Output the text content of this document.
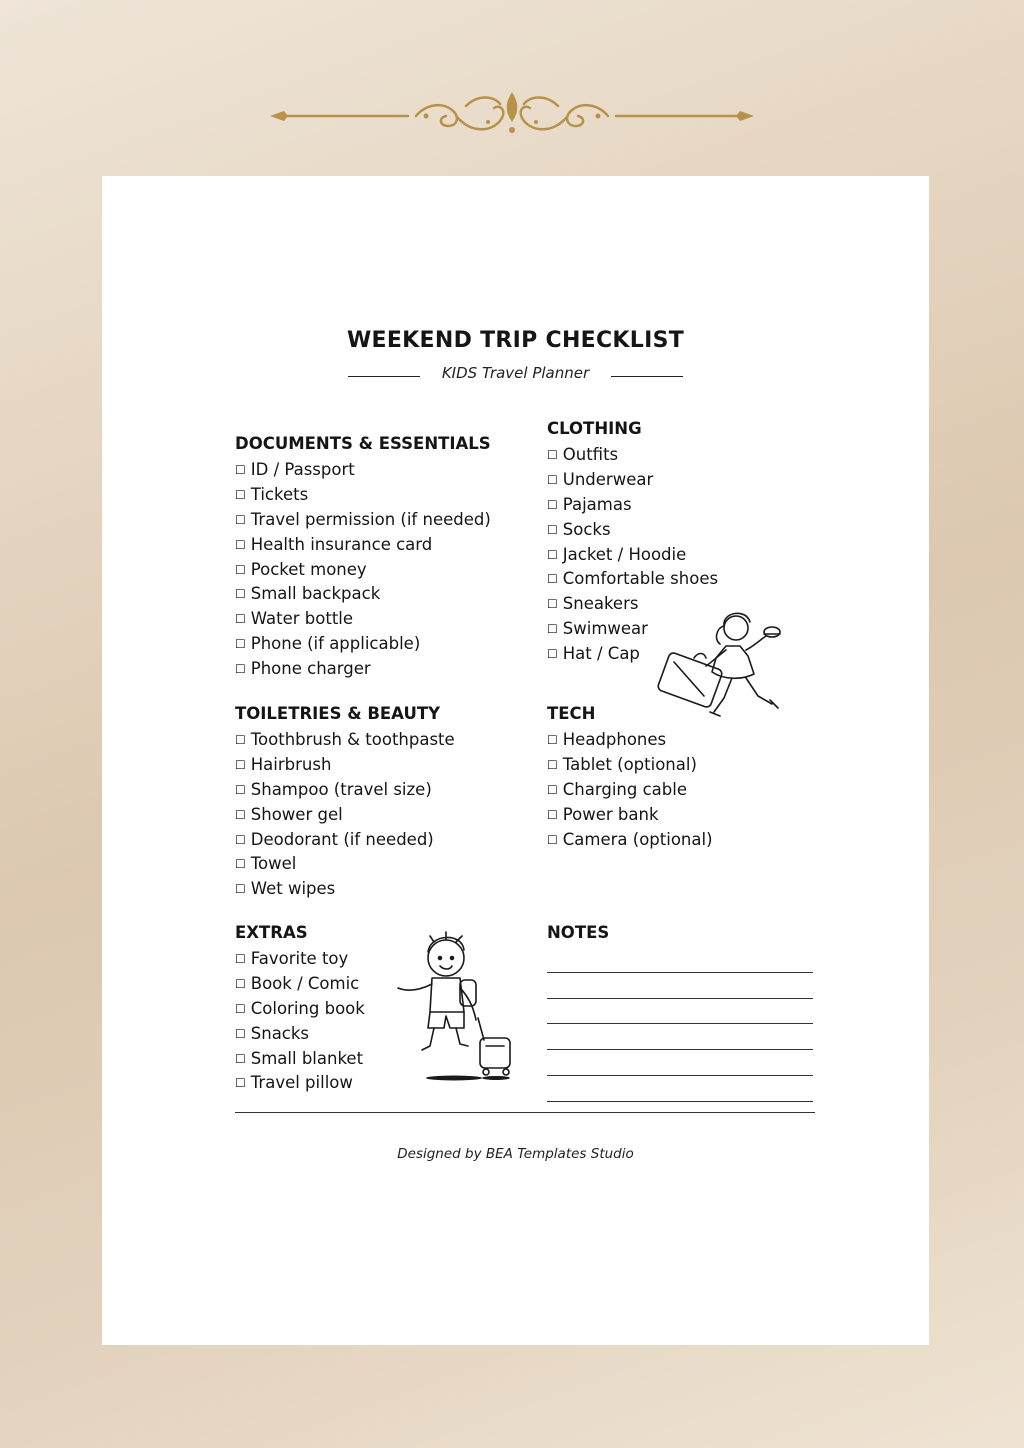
WEEKEND TRIP CHECKLIST
KIDS Travel Planner
DOCUMENTS & ESSENTIALS
☐ ID / Passport
☐ Tickets
☐ Travel permission (if needed)
☐ Health insurance card
☐ Pocket money
☐ Small backpack
☐ Water bottle
☐ Phone (if applicable)
☐ Phone charger
CLOTHING
☐ Outfits
☐ Underwear
☐ Pajamas
☐ Socks
☐ Jacket / Hoodie
☐ Comfortable shoes
☐ Sneakers
☐ Swimwear
☐ Hat / Cap
TOILETRIES & BEAUTY
☐ Toothbrush & toothpaste
☐ Hairbrush
☐ Shampoo (travel size)
☐ Shower gel
☐ Deodorant (if needed)
☐ Towel
☐ Wet wipes
TECH
☐ Headphones
☐ Tablet (optional)
☐ Charging cable
☐ Power bank
☐ Camera (optional)
EXTRAS
☐ Favorite toy
☐ Book / Comic
☐ Coloring book
☐ Snacks
☐ Small blanket
☐ Travel pillow
NOTES
Designed by BEA Templates Studio
